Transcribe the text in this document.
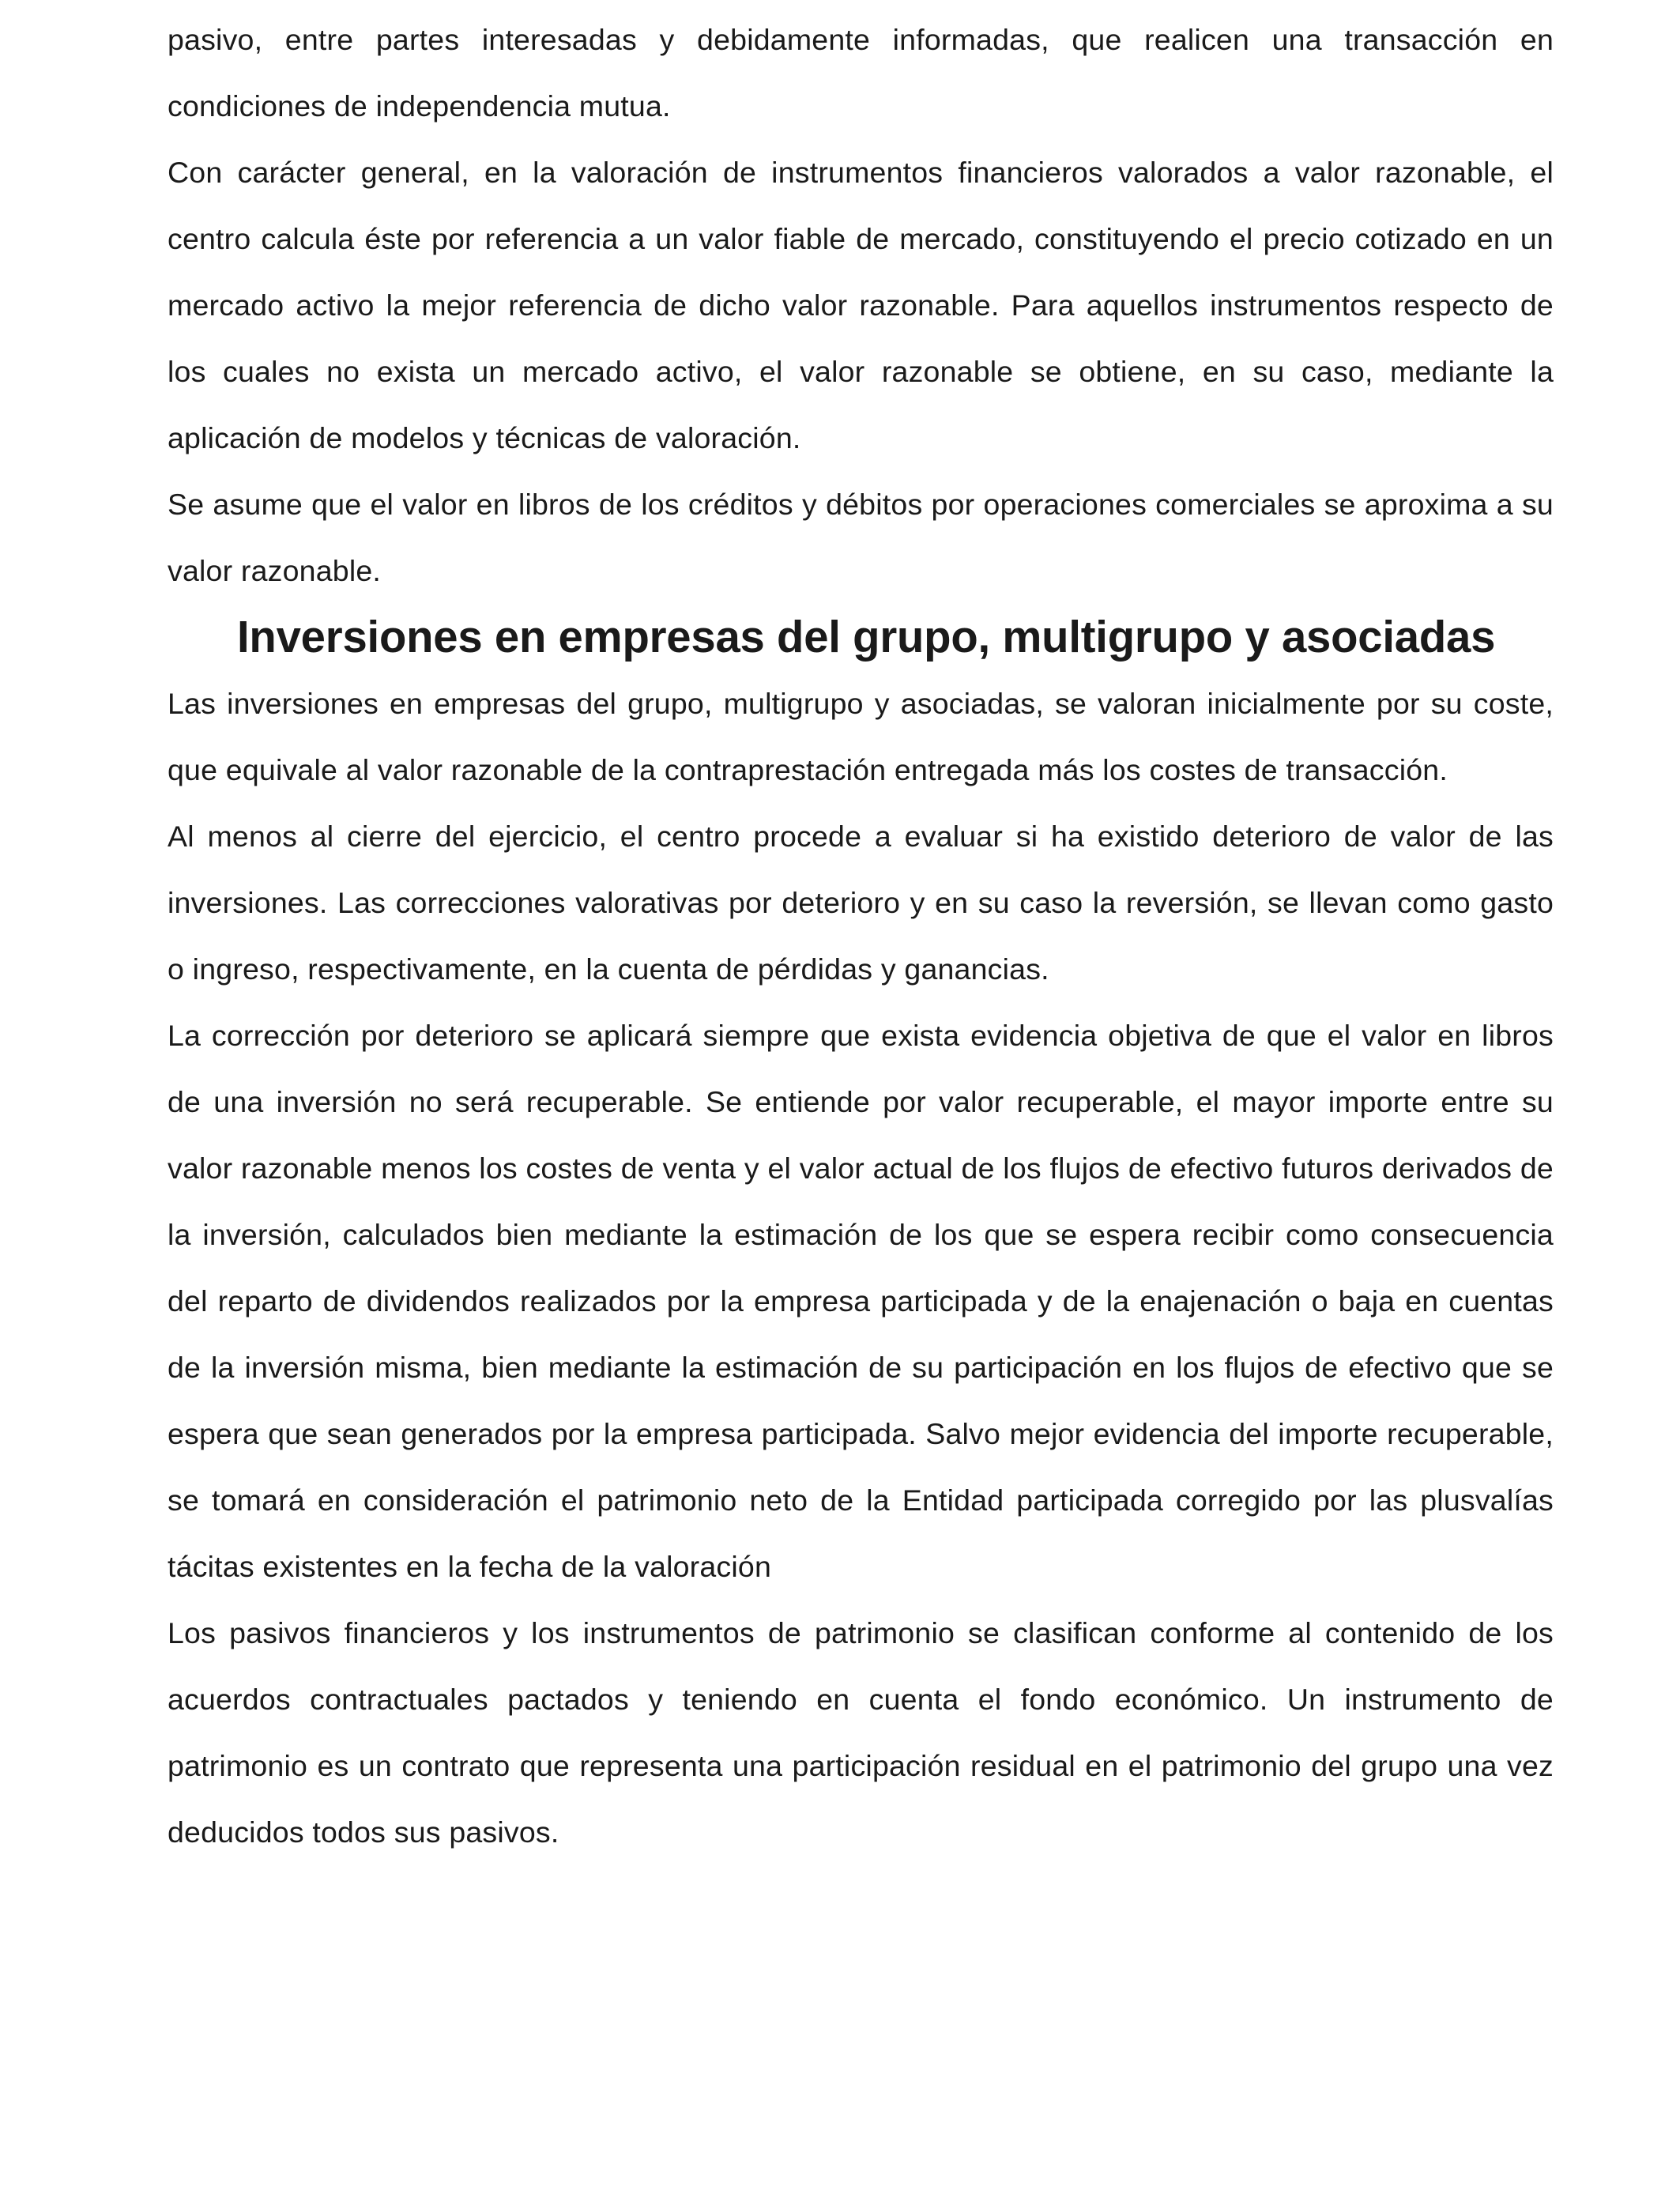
pasivo, entre partes interesadas y debidamente informadas, que realicen una transacción en condiciones de independencia mutua.

Con carácter general, en la valoración de instrumentos financieros valorados a valor razonable, el centro calcula éste por referencia a un valor fiable de mercado, constituyendo el precio cotizado en un mercado activo la mejor referencia de dicho valor razonable. Para aquellos instrumentos respecto de los cuales no exista un mercado activo, el valor razonable se obtiene, en su caso, mediante la aplicación de modelos y técnicas de valoración.

Se asume que el valor en libros de los créditos y débitos por operaciones comerciales se aproxima a su valor razonable.

Inversiones en empresas del grupo, multigrupo y asociadas

Las inversiones en empresas del grupo, multigrupo y asociadas, se valoran inicialmente por su coste, que equivale al valor razonable de la contraprestación entregada más los costes de transacción.

Al menos al cierre del ejercicio, el centro procede a evaluar si ha existido deterioro de valor de las inversiones. Las correcciones valorativas por deterioro y en su caso la reversión, se llevan como gasto o ingreso, respectivamente, en la cuenta de pérdidas y ganancias.

La corrección por deterioro se aplicará siempre que exista evidencia objetiva de que el valor en libros de una inversión no será recuperable. Se entiende por valor recuperable, el mayor importe entre su valor razonable menos los costes de venta y el valor actual de los flujos de efectivo futuros derivados de la inversión, calculados bien mediante la estimación de los que se espera recibir como consecuencia del reparto de dividendos realizados por la empresa participada y de la enajenación o baja en cuentas de la inversión misma, bien mediante la estimación de su participación en los flujos de efectivo que se espera que sean generados por la empresa participada. Salvo mejor evidencia del importe recuperable, se tomará en consideración el patrimonio neto de la Entidad participada corregido por las plusvalías tácitas existentes en la fecha de la valoración

Los pasivos financieros y los instrumentos de patrimonio se clasifican conforme al contenido de los acuerdos contractuales pactados y teniendo en cuenta el fondo económico. Un instrumento de patrimonio es un contrato que representa una participación residual en el patrimonio del grupo una vez deducidos todos sus pasivos.
